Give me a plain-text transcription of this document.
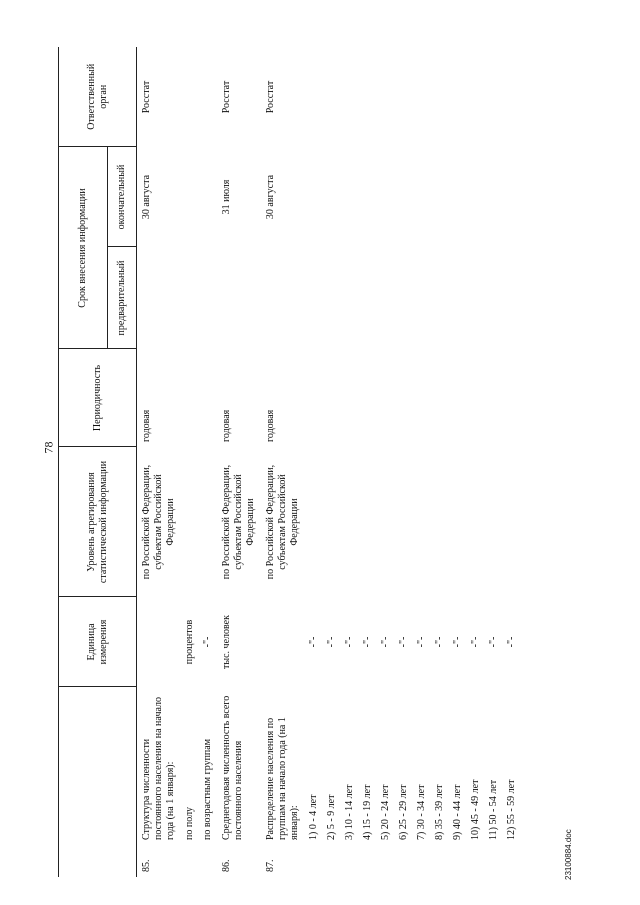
78
23100884.doc
		Единица измерения	Уровень агрегирования статистической информации	Периодичность	Срок внесения информации		Ответственный орган
					предварительный	окончательный	
85.	Структура численности постоянного населения на начало года (на 1 января):		по Российской Федерации, субъектам Российской Федерации	годовая		30 августа	Росстат
	по полу	процентов					
	по возрастным группам	-"-					
86.	Среднегодовая численность всего постоянного населения	тыс. человек	по Российской Федерации, субъектам Российской Федерации	годовая		31 июля	Росстат
87.	Распределение населения по группам на начало года (на 1 января):		по Российской Федерации, субъектам Российской Федерации	годовая		30 августа	Росстат
	1) 0 - 4 лет	-"-					
	2) 5 - 9 лет	-"-					
	3) 10 - 14 лет	-"-					
	4) 15 - 19 лет	-"-					
	5) 20 - 24 лет	-"-					
	6) 25 - 29 лет	-"-					
	7) 30 - 34 лет	-"-					
	8) 35 - 39 лет	-"-					
	9) 40 - 44 лет	-"-					
	10) 45 - 49 лет	-"-					
	11) 50 - 54 лет	-"-					
	12) 55 - 59 лет	-"-					
